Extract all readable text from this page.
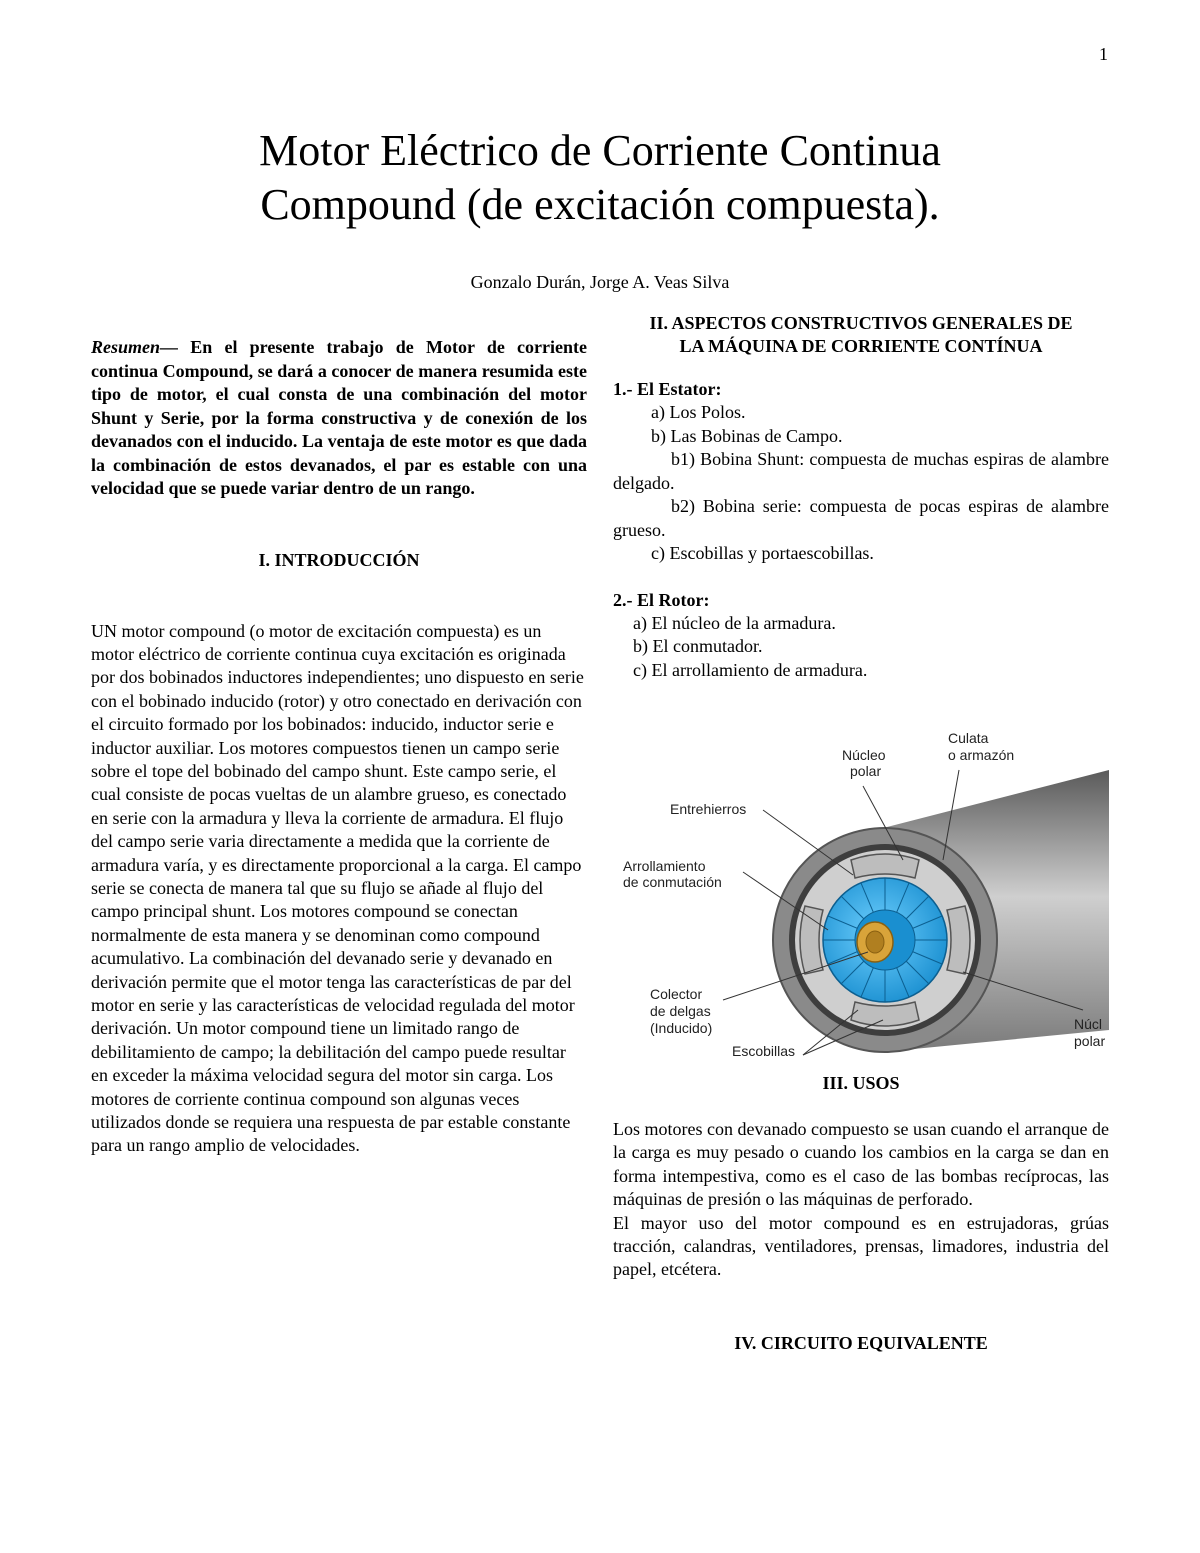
1
Motor Eléctrico de Corriente Continua
Compound (de excitación compuesta).
Gonzalo Durán, Jorge A. Veas Silva

Resumen— En el presente trabajo de Motor de corriente continua Compound, se dará a conocer de manera resumida este tipo de motor, el cual consta de una combinación del motor Shunt y Serie, por la forma constructiva y de conexión de los devanados con el inducido. La ventaja de este motor es que dada la combinación de estos devanados, el par es estable con una velocidad que se puede variar dentro de un rango.

I. INTRODUCCIÓN

UN motor compound (o motor de excitación compuesta) es un motor eléctrico de corriente continua cuya excitación es originada por dos bobinados inductores independientes; uno dispuesto en serie con el bobinado inducido (rotor) y otro conectado en derivación con el circuito formado por los bobinados: inducido, inductor serie e inductor auxiliar. Los motores compuestos tienen un campo serie sobre el tope del bobinado del campo shunt. Este campo serie, el cual consiste de pocas vueltas de un alambre grueso, es conectado en serie con la armadura y lleva la corriente de armadura. El flujo del campo serie varia directamente a medida que la corriente de armadura varía, y es directamente proporcional a la carga. El campo serie se conecta de manera tal que su flujo se añade al flujo del campo principal shunt. Los motores compound se conectan normalmente de esta manera y se denominan como compound acumulativo. La combinación del devanado serie y devanado en derivación permite que el motor tenga las características de par del motor en serie y las características de velocidad regulada del motor derivación. Un motor compound tiene un limitado rango de debilitamiento de campo; la debilitación del campo puede resultar en exceder la máxima velocidad segura del motor sin carga. Los motores de corriente continua compound son algunas veces utilizados donde se requiera una respuesta de par estable constante para un rango amplio de velocidades.

II. ASPECTOS CONSTRUCTIVOS GENERALES DE
LA MÁQUINA DE CORRIENTE CONTÍNUA

1.- El Estator:

a) Los Polos.

b) Las Bobinas de Campo.

b1) Bobina Shunt: compuesta de muchas espiras de alambre delgado.

b2) Bobina serie: compuesta de pocas espiras de alambre grueso.

c) Escobillas y portaescobillas.

2.- El Rotor:

a) El núcleo de la armadura.

b) El conmutador.

c) El arrollamiento de armadura.

Culata
o armazón
Núcleo
polar
Entrehierros
Arrollamiento
de conmutación
Colector
de delgas
(Inducido)	Núcl
polar
Escobillas

III. USOS

Los motores con devanado compuesto se usan cuando el arranque de la carga es muy pesado o cuando los cambios en la carga se dan en forma intempestiva, como es el caso de las bombas recíprocas, las máquinas de presión o las máquinas de perforado.

El mayor uso del motor compound es en estrujadoras, grúas tracción, calandras, ventiladores, prensas, limadores, industria del papel, etcétera.

IV. CIRCUITO EQUIVALENTE
